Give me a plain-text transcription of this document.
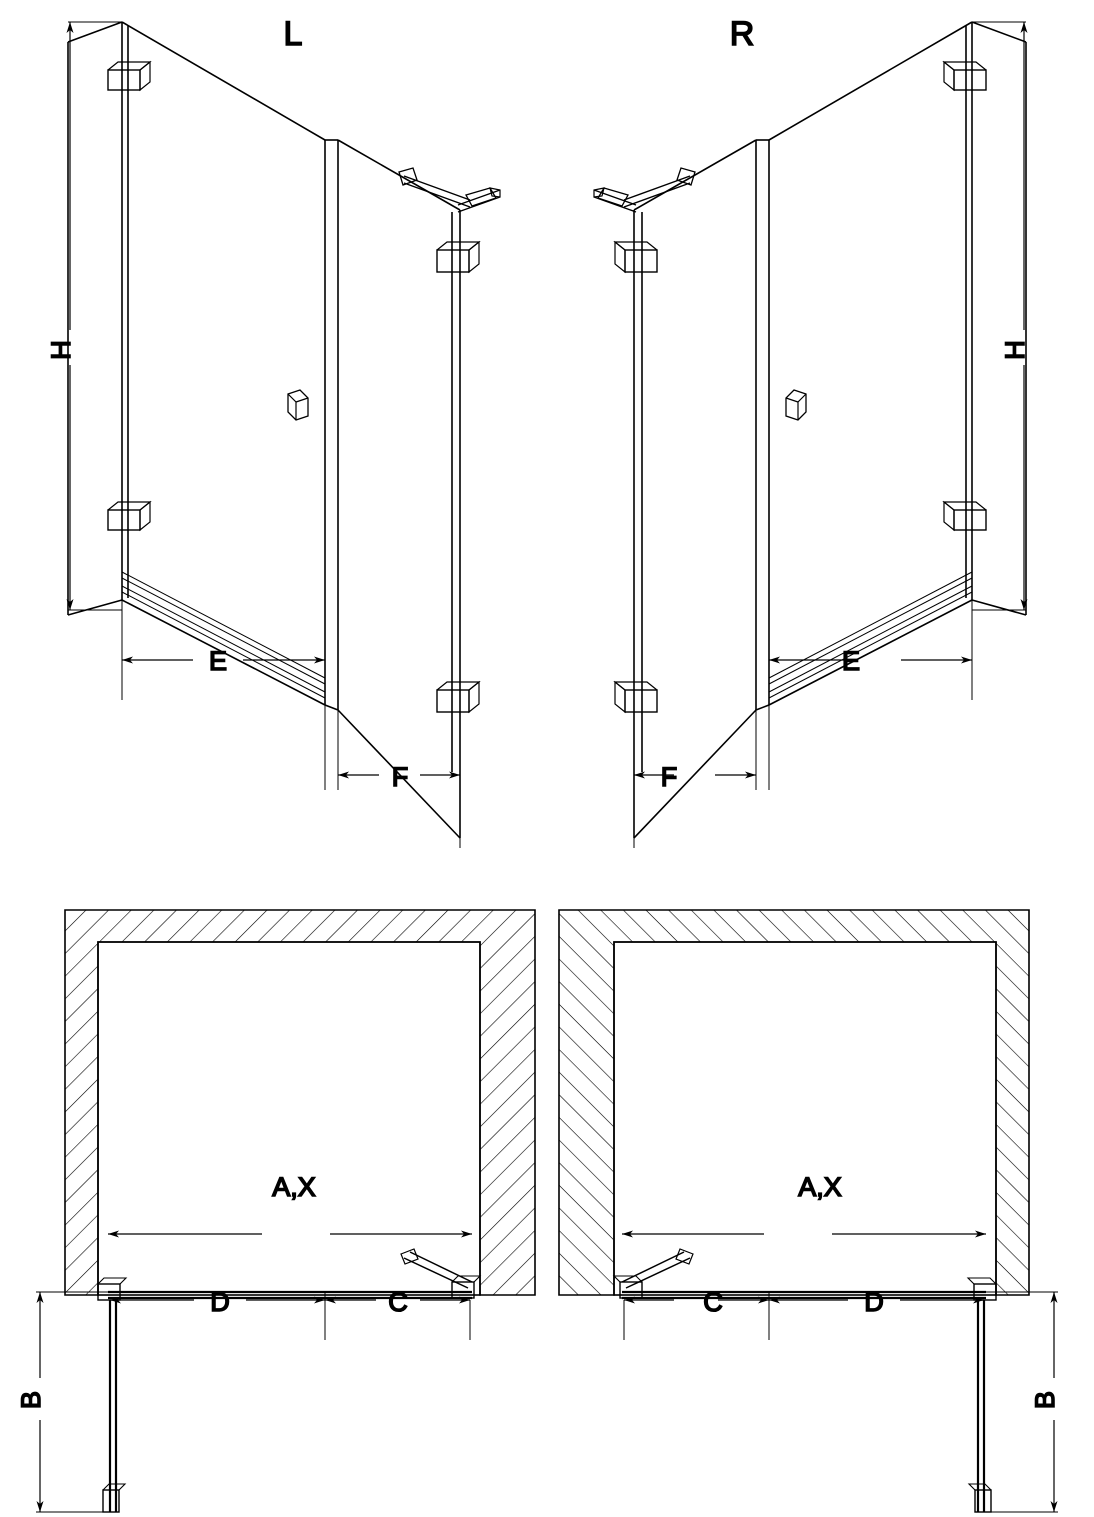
L	R
H
E
F
H
E
F
A,X
D	C
B
A,X
D
C
B
